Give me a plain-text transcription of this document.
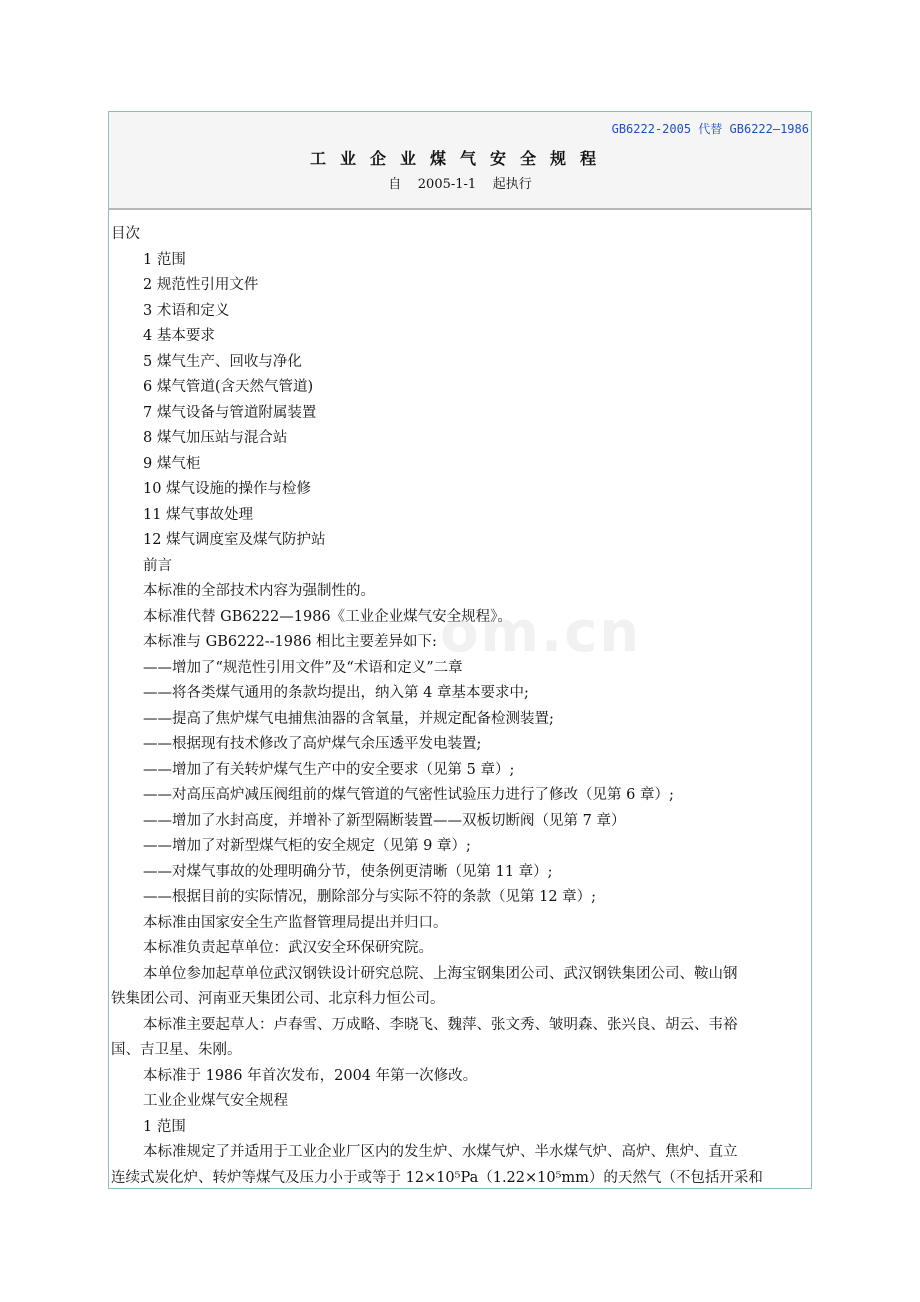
GB6222-2005 代替 GB6222—1986
工业企业煤气安全规程
自    2005-1-1    起执行
目次
1 范围
2 规范性引用文件
3 术语和定义
4 基本要求
5 煤气生产、回收与净化
6 煤气管道(含天然气管道)
7 煤气设备与管道附属装置
8 煤气加压站与混合站
9 煤气柜
10 煤气设施的操作与检修
11 煤气事故处理
12 煤气调度室及煤气防护站
前言
本标准的全部技术内容为强制性的。
本标准代替 GB6222—1986《工业企业煤气安全规程》。
本标准与 GB6222--1986 相比主要差异如下:
——增加了“规范性引用文件”及“术语和定义”二章
——将各类煤气通用的条款均提出，纳入第 4 章基本要求中;
——提高了焦炉煤气电捕焦油器的含氧量，并规定配备检测装置;
——根据现有技术修改了高炉煤气余压透平发电装置;
——增加了有关转炉煤气生产中的安全要求（见第 5 章）;
——对高压高炉减压阀组前的煤气管道的气密性试验压力进行了修改（见第 6 章）;
——增加了水封高度，并增补了新型隔断装置——双板切断阀（见第 7 章）
——增加了对新型煤气柜的安全规定（见第 9 章）;
——对煤气事故的处理明确分节，使条例更清晰（见第 11 章）;
——根据目前的实际情况，删除部分与实际不符的条款（见第 12 章）;
本标准由国家安全生产监督管理局提出并归口。
本标准负责起草单位：武汉安全环保研究院。
本单位参加起草单位武汉钢铁设计研究总院、上海宝钢集团公司、武汉钢铁集团公司、鞍山钢
铁集团公司、河南亚天集团公司、北京科力恒公司。
本标准主要起草人：卢春雪、万成略、李晓飞、魏萍、张文秀、皱明森、张兴良、胡云、韦裕
国、吉卫星、朱刚。
本标准于 1986 年首次发布，2004 年第一次修改。
工业企业煤气安全规程
1 范围
本标准规定了并适用于工业企业厂区内的发生炉、水煤气炉、半水煤气炉、高炉、焦炉、直立
连续式炭化炉、转炉等煤气及压力小于或等于 12×10⁵Pa（1.22×10⁵mm）的天然气（不包括开采和
om.cn
